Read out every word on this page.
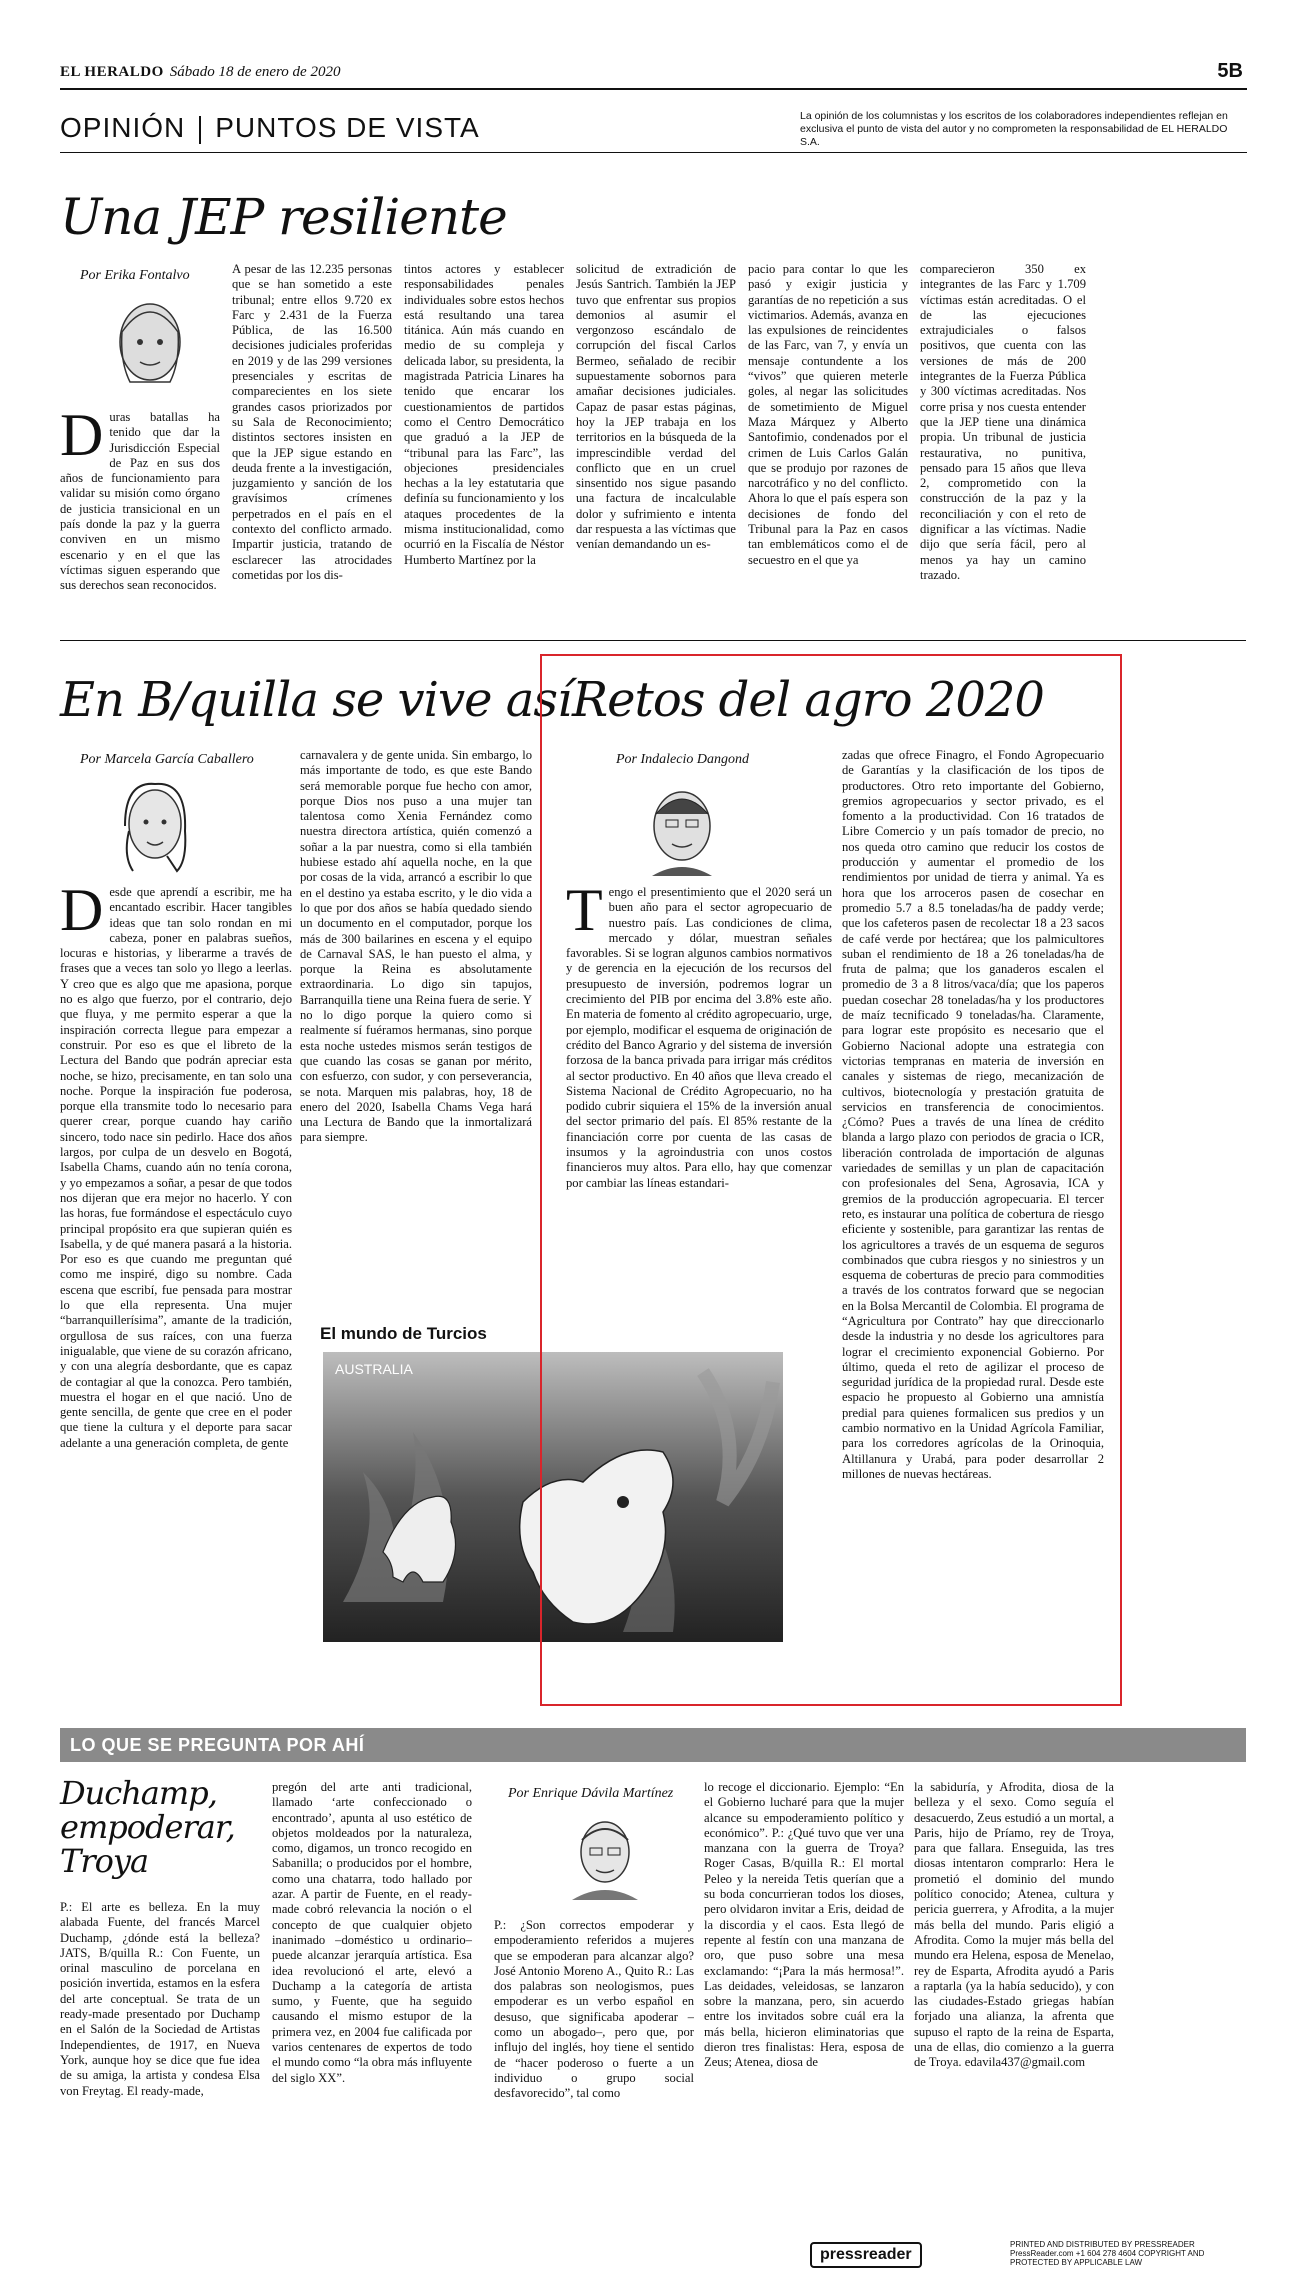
EL HERALDO Sábado 18 de enero de 2020	5B
OPINIÓN PUNTOS DE VISTA	La opinión de los columnistas y los escritos de los colaboradores independientes reflejan en exclusiva el punto de vista del autor y no comprometen la responsabilidad de EL HERALDO S.A.
Una JEP resiliente
Por Erika Fontalvo
Duras batallas ha tenido que dar la Jurisdicción Especial de Paz en sus dos años de funcionamiento para validar su misión como órgano de justicia transicional en un país donde la paz y la guerra conviven en un mismo escenario y en el que las víctimas siguen esperando que sus derechos sean reconocidos.
A pesar de las 12.235 personas que se han sometido a este tribunal; entre ellos 9.720 ex Farc y 2.431 de la Fuerza Pública, de las 16.500 decisiones judiciales proferidas en 2019 y de las 299 versiones presenciales y escritas de comparecientes en los siete grandes casos priorizados por su Sala de Reconocimiento; distintos sectores insisten en que la JEP sigue estando en deuda frente a la investigación, juzgamiento y sanción de los gravísimos crímenes perpetrados en el país en el contexto del conflicto armado. Impartir justicia, tratando de esclarecer las atrocidades cometidas por los dis-
tintos actores y establecer responsabilidades penales individuales sobre estos hechos está resultando una tarea titánica. Aún más cuando en medio de su compleja y delicada labor, su presidenta, la magistrada Patricia Linares ha tenido que encarar los cuestionamientos de partidos como el Centro Democrático que graduó a la JEP de “tribunal para las Farc”, las objeciones presidenciales hechas a la ley estatutaria que definía su funcionamiento y los ataques procedentes de la misma institucionalidad, como ocurrió en la Fiscalía de Néstor Humberto Martínez por la
solicitud de extradición de Jesús Santrich. También la JEP tuvo que enfrentar sus propios demonios al asumir el vergonzoso escándalo de corrupción del fiscal Carlos Bermeo, señalado de recibir supuestamente sobornos para amañar decisiones judiciales. Capaz de pasar estas páginas, hoy la JEP trabaja en los territorios en la búsqueda de la imprescindible verdad del conflicto que en un cruel sinsentido nos sigue pasando una factura de incalculable dolor y sufrimiento e intenta dar respuesta a las víctimas que venían demandando un es-
pacio para contar lo que les pasó y exigir justicia y garantías de no repetición a sus victimarios. Además, avanza en las expulsiones de reincidentes de las Farc, van 7, y envía un mensaje contundente a los “vivos” que quieren meterle goles, al negar las solicitudes de sometimiento de Miguel Maza Márquez y Alberto Santofimio, condenados por el crimen de Luis Carlos Galán que se produjo por razones de narcotráfico y no del conflicto. Ahora lo que el país espera son decisiones de fondo del Tribunal para la Paz en casos tan emblemáticos como el de secuestro en el que ya
comparecieron 350 ex integrantes de las Farc y 1.709 víctimas están acreditadas. O el de las ejecuciones extrajudiciales o falsos positivos, que cuenta con las versiones de más de 200 integrantes de la Fuerza Pública y 300 víctimas acreditadas. Nos corre prisa y nos cuesta entender que la JEP tiene una dinámica propia. Un tribunal de justicia restaurativa, no punitiva, pensado para 15 años que lleva 2, comprometido con la construcción de la paz y la reconciliación y con el reto de dignificar a las víctimas. Nadie dijo que sería fácil, pero al menos ya hay un camino trazado.
En B/quilla se vive así
Por Marcela García Caballero
Desde que aprendí a escribir, me ha encantado escribir. Hacer tangibles ideas que tan solo rondan en mi cabeza, poner en palabras sueños, locuras e historias, y liberarme a través de frases que a veces tan solo yo llego a leerlas. Y creo que es algo que me apasiona, porque no es algo que fuerzo, por el contrario, dejo que fluya, y me permito esperar a que la inspiración correcta llegue para empezar a construir. Por eso es que el libreto de la Lectura del Bando que podrán apreciar esta noche, se hizo, precisamente, en tan solo una noche. Porque la inspiración fue poderosa, porque ella transmite todo lo necesario para querer crear, porque cuando hay cariño sincero, todo nace sin pedirlo. Hace dos años largos, por culpa de un desvelo en Bogotá, Isabella Chams, cuando aún no tenía corona, y yo empezamos a soñar, a pesar de que todos nos dijeran que era mejor no hacerlo. Y con las horas, fue formándose el espectáculo cuyo principal propósito era que supieran quién es Isabella, y de qué manera pasará a la historia. Por eso es que cuando me preguntan qué como me inspiré, digo su nombre. Cada escena que escribí, fue pensada para mostrar lo que ella representa. Una mujer “barranquillerísima”, amante de la tradición, orgullosa de sus raíces, con una fuerza inigualable, que viene de su corazón africano, y con una alegría desbordante, que es capaz de contagiar al que la conozca. Pero también, muestra el hogar en el que nació. Uno de gente sencilla, de gente que cree en el poder que tiene la cultura y el deporte para sacar adelante a una generación completa, de gente
carnavalera y de gente unida. Sin embargo, lo más importante de todo, es que este Bando será memorable porque fue hecho con amor, porque Dios nos puso a una mujer tan talentosa como Xenia Fernández como nuestra directora artística, quién comenzó a soñar a la par nuestra, como si ella también hubiese estado ahí aquella noche, en la que por cosas de la vida, arrancó a escribir lo que en el destino ya estaba escrito, y le dio vida a lo que por dos años se había quedado siendo un documento en el computador, porque los más de 300 bailarines en escena y el equipo de Carnaval SAS, le han puesto el alma, y porque la Reina es absolutamente extraordinaria. Lo digo sin tapujos, Barranquilla tiene una Reina fuera de serie. Y no lo digo porque la quiero como si realmente sí fuéramos hermanas, sino porque esta noche ustedes mismos serán testigos de que cuando las cosas se ganan por mérito, con esfuerzo, con sudor, y con perseverancia, se nota. Marquen mis palabras, hoy, 18 de enero del 2020, Isabella Chams Vega hará una Lectura de Bando que la inmortalizará para siempre.
El mundo de Turcios
AUSTRALIA
Retos del agro 2020
Por Indalecio Dangond
Tengo el presentimiento que el 2020 será un buen año para el sector agropecuario de nuestro país. Las condiciones de clima, mercado y dólar, muestran señales favorables. Si se logran algunos cambios normativos y de gerencia en la ejecución de los recursos del presupuesto de inversión, podremos lograr un crecimiento del PIB por encima del 3.8% este año. En materia de fomento al crédito agropecuario, urge, por ejemplo, modificar el esquema de originación de crédito del Banco Agrario y del sistema de inversión forzosa de la banca privada para irrigar más créditos al sector productivo. En 40 años que lleva creado el Sistema Nacional de Crédito Agropecuario, no ha podido cubrir siquiera el 15% de la inversión anual del sector primario del país. El 85% restante de la financiación corre por cuenta de las casas de insumos y la agroindustria con unos costos financieros muy altos. Para ello, hay que comenzar por cambiar las líneas estandari-
zadas que ofrece Finagro, el Fondo Agropecuario de Garantías y la clasificación de los tipos de productores. Otro reto importante del Gobierno, gremios agropecuarios y sector privado, es el fomento a la productividad. Con 16 tratados de Libre Comercio y un país tomador de precio, no nos queda otro camino que reducir los costos de producción y aumentar el promedio de los rendimientos por unidad de tierra y animal. Ya es hora que los arroceros pasen de cosechar en promedio 5.7 a 8.5 toneladas/ha de paddy verde; que los cafeteros pasen de recolectar 18 a 23 sacos de café verde por hectárea; que los palmicultores suban el rendimiento de 18 a 26 toneladas/ha de fruta de palma; que los ganaderos escalen el promedio de 3 a 8 litros/vaca/día; que los paperos puedan cosechar 28 toneladas/ha y los productores de maíz tecnificado 9 toneladas/ha. Claramente, para lograr este propósito es necesario que el Gobierno Nacional adopte una estrategia con victorias tempranas en materia de inversión en canales y sistemas de riego, mecanización de cultivos, biotecnología y prestación gratuita de servicios en transferencia de conocimientos. ¿Cómo? Pues a través de una línea de crédito blanda a largo plazo con periodos de gracia o ICR, liberación controlada de importación de algunas variedades de semillas y un plan de capacitación con profesionales del Sena, Agrosavia, ICA y gremios de la producción agropecuaria. El tercer reto, es instaurar una política de cobertura de riesgo eficiente y sostenible, para garantizar las rentas de los agricultores a través de un esquema de seguros combinados que cubra riesgos y no siniestros y un esquema de coberturas de precio para commodities a través de los contratos forward que se negocian en la Bolsa Mercantil de Colombia. El programa de “Agricultura por Contrato” hay que direccionarlo desde la industria y no desde los agricultores para lograr el crecimiento exponencial Gobierno. Por último, queda el reto de agilizar el proceso de seguridad jurídica de la propiedad rural. Desde este espacio he propuesto al Gobierno una amnistía predial para quienes formalicen sus predios y un cambio normativo en la Unidad Agrícola Familiar, para los corredores agrícolas de la Orinoquia, Altillanura y Urabá, para poder desarrollar 2 millones de nuevas hectáreas.
LO QUE SE PREGUNTA POR AHÍ
Duchamp, empoderar, Troya
P.: El arte es belleza. En la muy alabada Fuente, del francés Marcel Duchamp, ¿dónde está la belleza? JATS, B/quilla R.: Con Fuente, un orinal masculino de porcelana en posición invertida, estamos en la esfera del arte conceptual. Se trata de un ready-made presentado por Duchamp en el Salón de la Sociedad de Artistas Independientes, de 1917, en Nueva York, aunque hoy se dice que fue idea de su amiga, la artista y condesa Elsa von Freytag. El ready-made,
pregón del arte anti tradicional, llamado ‘arte confeccionado o encontrado’, apunta al uso estético de objetos moldeados por la naturaleza, como, digamos, un tronco recogido en Sabanilla; o producidos por el hombre, como una chatarra, todo hallado por azar. A partir de Fuente, en el ready-made cobró relevancia la noción o el concepto de que cualquier objeto inanimado –doméstico u ordinario– puede alcanzar jerarquía artística. Esa idea revolucionó el arte, elevó a Duchamp a la categoría de artista sumo, y Fuente, que ha seguido causando el mismo estupor de la primera vez, en 2004 fue calificada por varios centenares de expertos de todo el mundo como “la obra más influyente del siglo XX”.
Por Enrique Dávila Martínez
P.: ¿Son correctos empoderar y empoderamiento referidos a mujeres que se empoderan para alcanzar algo? José Antonio Moreno A., Quito R.: Las dos palabras son neologismos, pues empoderar es un verbo español en desuso, que significaba apoderar –como un abogado–, pero que, por influjo del inglés, hoy tiene el sentido de “hacer poderoso o fuerte a un individuo o grupo social desfavorecido”, tal como
lo recoge el diccionario. Ejemplo: “En el Gobierno lucharé para que la mujer alcance su empoderamiento político y económico”. P.: ¿Qué tuvo que ver una manzana con la guerra de Troya? Roger Casas, B/quilla R.: El mortal Peleo y la nereida Tetis querían que a su boda concurrieran todos los dioses, pero olvidaron invitar a Eris, deidad de la discordia y el caos. Esta llegó de repente al festín con una manzana de oro, que puso sobre una mesa exclamando: “¡Para la más hermosa!”. Las deidades, veleidosas, se lanzaron sobre la manzana, pero, sin acuerdo entre los invitados sobre cuál era la más bella, hicieron eliminatorias que dieron tres finalistas: Hera, esposa de Zeus; Atenea, diosa de
la sabiduría, y Afrodita, diosa de la belleza y el sexo. Como seguía el desacuerdo, Zeus estudió a un mortal, a Paris, hijo de Príamo, rey de Troya, para que fallara. Enseguida, las tres diosas intentaron comprarlo: Hera le prometió el dominio del mundo político conocido; Atenea, cultura y pericia guerrera, y Afrodita, a la mujer más bella del mundo. Paris eligió a Afrodita. Como la mujer más bella del mundo era Helena, esposa de Menelao, rey de Esparta, Afrodita ayudó a Paris a raptarla (ya la había seducido), y con las ciudades-Estado griegas habían forjado una alianza, la afrenta que supuso el rapto de la reina de Esparta, una de ellas, dio comienzo a la guerra de Troya. edavila437@gmail.com
pressreader
PRINTED AND DISTRIBUTED BY PRESSREADER PressReader.com +1 604 278 4604 COPYRIGHT AND PROTECTED BY APPLICABLE LAW
